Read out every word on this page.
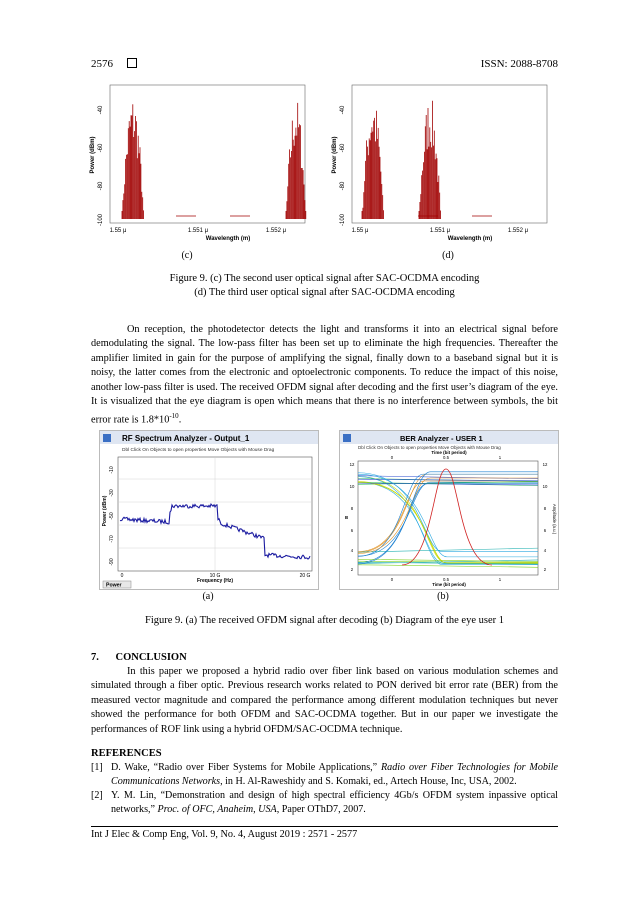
2576	ISSN: 2088-8708
-40
-60
-80
-100
Power (dBm)
1.55 μ	1.551 μ	1.552 μ
Wavelength (m)
(c)
-40
-60
-80
-100
Power (dBm)
1.55 μ	1.551 μ	1.552 μ
Wavelength (m)
(d)
Figure 9. (c) The second user optical signal after SAC-OCDMA encoding
(d) The third user optical signal after SAC-OCDMA encoding
On reception, the photodetector detects the light and transforms it into an electrical signal before demodulating the signal. The low-pass filter has been set up to eliminate the high frequencies. Thereafter the amplifier limited in gain for the purpose of amplifying the signal, finally down to a baseband signal but it is noisy, the latter comes from the electronic and optoelectronic components. To reduce the impact of this noise, another low-pass filter is used. The received OFDM signal after decoding and the first user’s diagram of the eye. It is visualized that the eye diagram is open which means that there is no interference between symbols, the bit error rate is $1.8*10^{-10}$.
RF Spectrum Analyzer - Output_1
Dbl Click On Objects to open properties Move Objects with Mouse Drag
-10
-30
-50
-70
-90
Power (dBm)
0	10 G	20 G
Frequency (Hz)
Power
(a)
BER Analyzer - USER 1
Dbl Click On Objects to open properties Move Objects with Mouse Drag
Time (bit period)
0	0.5	1
12
10
8
6
4
2
B
12
10
8
6
4
2
Amplitude (a.u.)
0	0.5	1
Time (bit period)
(b)
Figure 9. (a) The received OFDM signal after decoding (b) Diagram of the eye user 1
7. CONCLUSION
In this paper we proposed a hybrid radio over fiber link based on various modulation schemes and simulated through a fiber optic. Previous research works related to PON derived bit error rate (BER) from the measured vector magnitude and compared the performance among different modulation techniques but never showed the performance for both OFDM and SAC-OCDMA together. But in our paper we investigate the performances of ROF link using a hybrid OFDM/SAC-OCDMA technique.
REFERENCES
[1] D. Wake, “Radio over Fiber Systems for Mobile Applications,” Radio over Fiber Technologies for Mobile Communications Networks, in H. Al-Raweshidy and S. Komaki, ed., Artech House, Inc, USA, 2002.
[2] Y. M. Lin, “Demonstration and design of high spectral efficiency 4Gb/s OFDM system inpassive optical networks,” Proc. of OFC, Anaheim, USA, Paper OThD7, 2007.
Int J Elec & Comp Eng, Vol. 9, No. 4, August 2019 : 2571 - 2577
